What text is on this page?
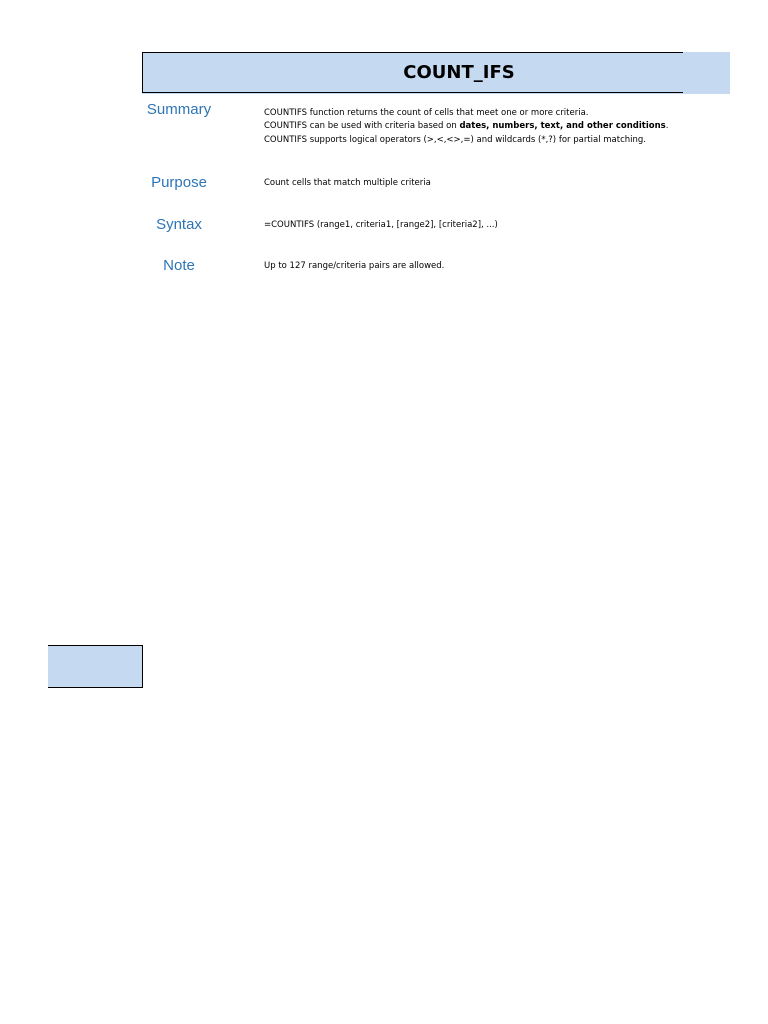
COUNT_IFS
Summary	COUNTIFS function returns the count of cells that meet one or more criteria.
COUNTIFS can be used with criteria based on dates, numbers, text, and other conditions.
COUNTIFS supports logical operators (>,<,<>,=) and wildcards (*,?) for partial matching.
Purpose	Count cells that match multiple criteria
Syntax	=COUNTIFS (range1, criteria1, [range2], [criteria2], ...)
Note	Up to 127 range/criteria pairs are allowed.
